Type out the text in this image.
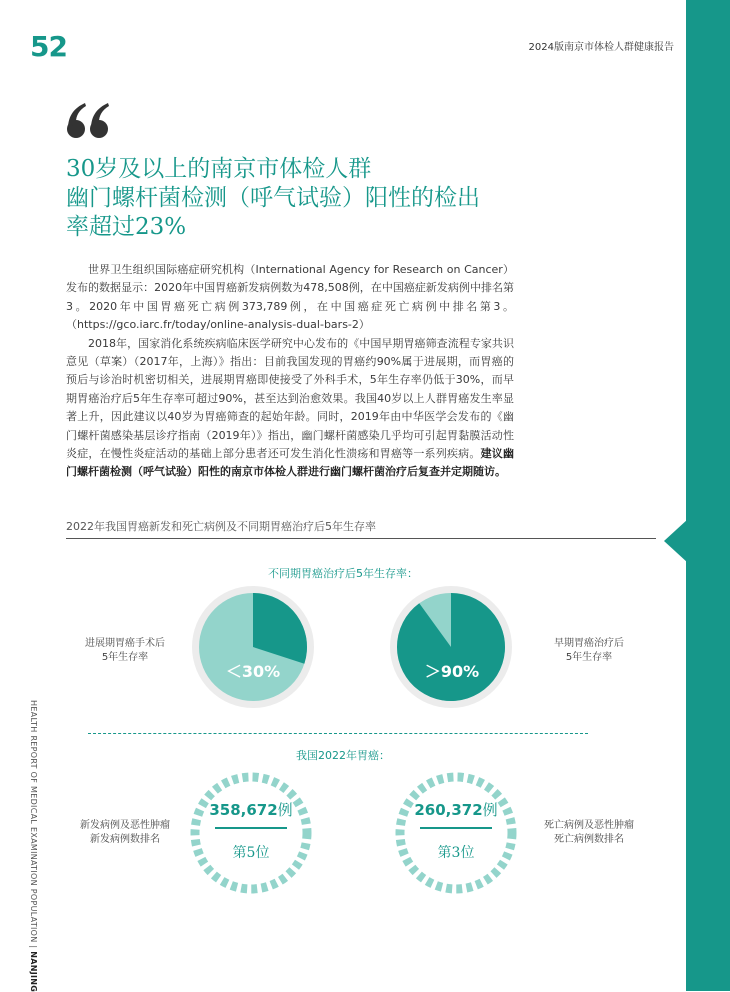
52	2024版南京市体检人群健康报告
30岁及以上的南京市体检人群
幽门螺杆菌检测（呼气试验）阳性的检出
率超过23%

世界卫生组织国际癌症研究机构（International Agency for Research on Cancer）发布的数据显示：2020年中国胃癌新发病例数为478,508例，在中国癌症新发病例中排名第3。2020年中国胃癌死亡病例373,789例，在中国癌症死亡病例中排名第3。（https://gco.iarc.fr/today/online-analysis-dual-bars-2）

2018年，国家消化系统疾病临床医学研究中心发布的《中国早期胃癌筛查流程专家共识意见（草案）（2017年，上海）》指出：目前我国发现的胃癌约90%属于进展期，而胃癌的预后与诊治时机密切相关，进展期胃癌即使接受了外科手术，5年生存率仍低于30%，而早期胃癌治疗后5年生存率可超过90%，甚至达到治愈效果。我国40岁以上人群胃癌发生率显著上升，因此建议以40岁为胃癌筛查的起始年龄。同时，2019年由中华医学会发布的《幽门螺杆菌感染基层诊疗指南（2019年）》指出，幽门螺杆菌感染几乎均可引起胃黏膜活动性炎症，在慢性炎症活动的基础上部分患者还可发生消化性溃疡和胃癌等一系列疾病。建议幽门螺杆菌检测（呼气试验）阳性的南京市体检人群进行幽门螺杆菌治疗后复查并定期随访。

2022年我国胃癌新发和死亡病例及不同期胃癌治疗后5年生存率
不同期胃癌治疗后5年生存率：
进展期胃癌手术后
5年生存率
＜30%	＞90%
早期胃癌治疗后
5年生存率
我国2022年胃癌：
新发病例及恶性肿瘤
新发病例数排名
358,672例
第5位
260,372例
第3位
死亡病例及恶性肿瘤
死亡病例数排名
HEALTH REPORT OF MEDICAL EXAMINATION POPULATION | NANJING
